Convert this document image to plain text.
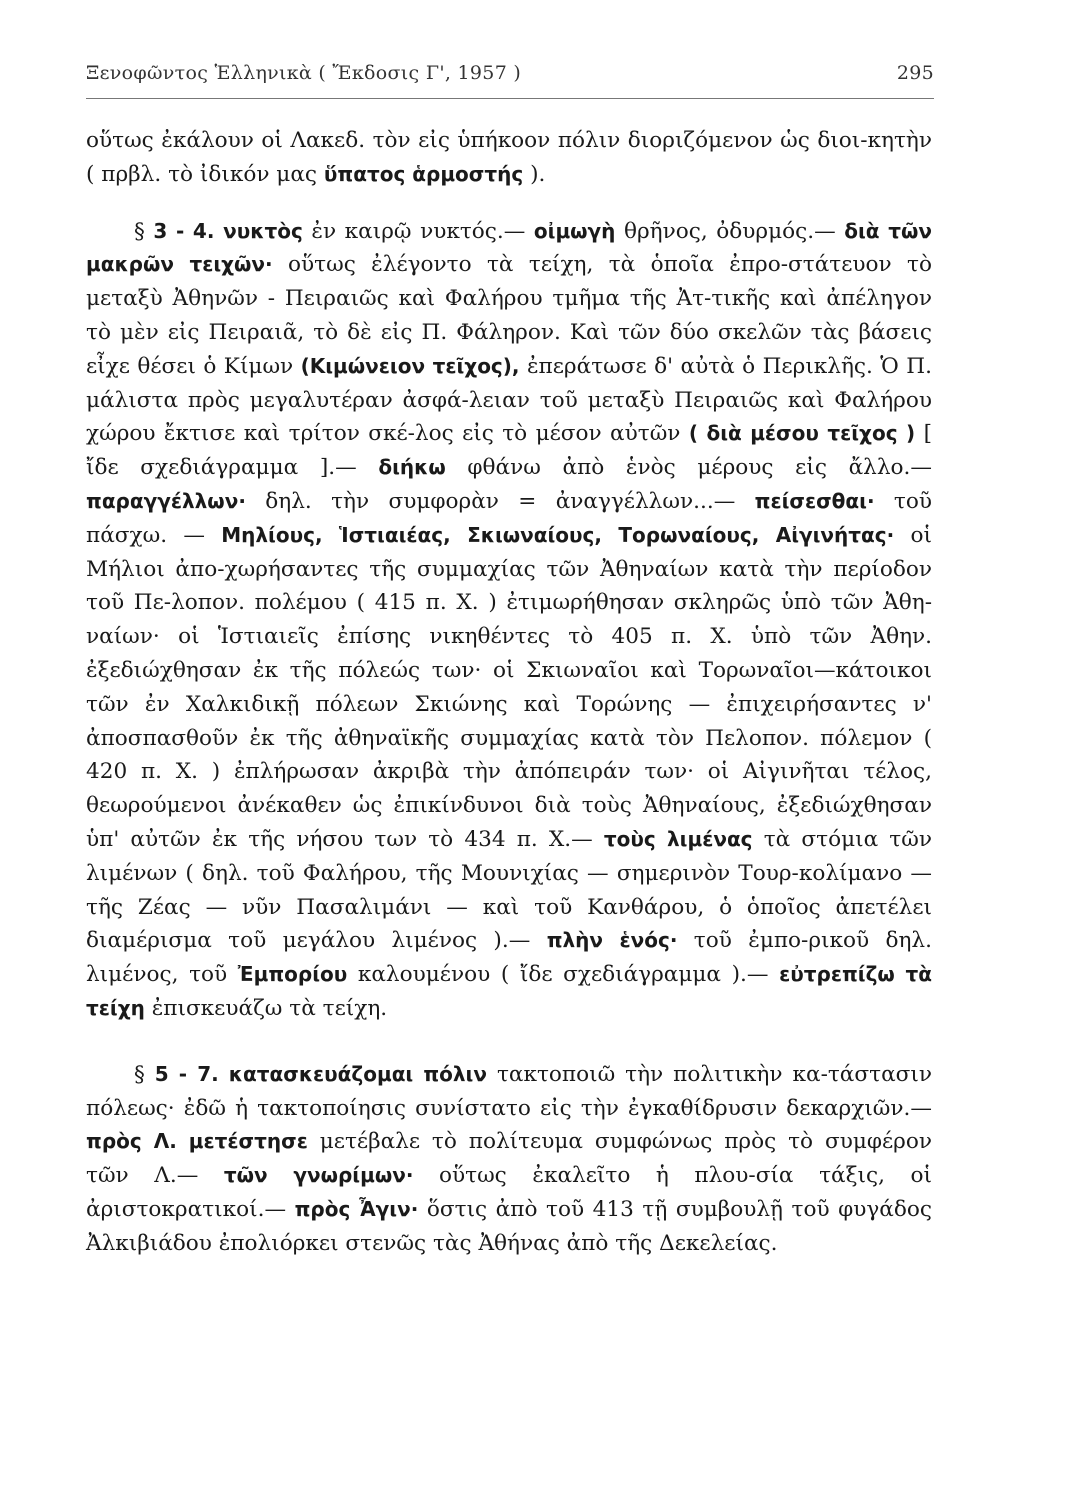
Ξενοφῶντος Ἑλληνικὰ ( Ἔκδοσις Γ', 1957 )	295

οὕτως ἐκάλουν οἱ Λακεδ. τὸν εἰς ὑπήκοον πόλιν διοριζόμενον ὡς διοι-κητὴν ( πρβλ. τὸ ἰδικόν μας ὕπατος ἁρμοστής ).

§ 3 - 4. νυκτὸς ἐν καιρῷ νυκτός.— οἰμωγὴ θρῆνος, ὀδυρμός.— διὰ τῶν μακρῶν τειχῶν· οὕτως ἐλέγοντο τὰ τείχη, τὰ ὁποῖα ἐπρο-στάτευον τὸ μεταξὺ Ἀθηνῶν - Πειραιῶς καὶ Φαλήρου τμῆμα τῆς Ἀτ-τικῆς καὶ ἀπέληγον τὸ μὲν εἰς Πειραιᾶ, τὸ δὲ εἰς Π. Φάληρον. Καὶ τῶν δύο σκελῶν τὰς βάσεις εἶχε θέσει ὁ Κίμων (Κιμώνειον τεῖχος), ἐπεράτωσε δ' αὐτὰ ὁ Περικλῆς. Ὁ Π. μάλιστα πρὸς μεγαλυτέραν ἀσφά-λειαν τοῦ μεταξὺ Πειραιῶς καὶ Φαλήρου χώρου ἔκτισε καὶ τρίτον σκέ-λος εἰς τὸ μέσον αὐτῶν ( διὰ μέσου τεῖχος ) [ ἴδε σχεδιάγραμμα ].— διήκω φθάνω ἀπὸ ἑνὸς μέρους εἰς ἄλλο.— παραγγέλλων· δηλ. τὴν συμφορὰν = ἀναγγέλλων...— πείσεσθαι· τοῦ πάσχω. — Μηλίους, Ἱστιαιέας, Σκιωναίους, Τορωναίους, Αἰγινήτας· οἱ Μήλιοι ἀπο-χωρήσαντες τῆς συμμαχίας τῶν Ἀθηναίων κατὰ τὴν περίοδον τοῦ Πε-λοπον. πολέμου ( 415 π. Χ. ) ἐτιμωρήθησαν σκληρῶς ὑπὸ τῶν Ἀθη-ναίων· οἱ Ἱστιαιεῖς ἐπίσης νικηθέντες τὸ 405 π. Χ. ὑπὸ τῶν Ἀθην. ἐξεδιώχθησαν ἐκ τῆς πόλεώς των· οἱ Σκιωναῖοι καὶ Τορωναῖοι—κάτοικοι τῶν ἐν Χαλκιδικῇ πόλεων Σκιώνης καὶ Τορώνης — ἐπιχειρήσαντες ν' ἀποσπασθοῦν ἐκ τῆς ἀθηναϊκῆς συμμαχίας κατὰ τὸν Πελοπον. πόλεμον ( 420 π. Χ. ) ἐπλήρωσαν ἀκριβὰ τὴν ἀπόπειράν των· οἱ Αἰγινῆται τέλος, θεωρούμενοι ἀνέκαθεν ὡς ἐπικίνδυνοι διὰ τοὺς Ἀθηναίους, ἐξεδιώχθησαν ὑπ' αὐτῶν ἐκ τῆς νήσου των τὸ 434 π. Χ.— τοὺς λιμένας τὰ στόμια τῶν λιμένων ( δηλ. τοῦ Φαλήρου, τῆς Μουνιχίας — σημερινὸν Τουρ-κολίμανο — τῆς Ζέας — νῦν Πασαλιμάνι — καὶ τοῦ Κανθάρου, ὁ ὁποῖος ἀπετέλει διαμέρισμα τοῦ μεγάλου λιμένος ).— πλὴν ἑνός· τοῦ ἐμπο-ρικοῦ δηλ. λιμένος, τοῦ Ἐμπορίου καλουμένου ( ἴδε σχεδιάγραμμα ).— εὐτρεπίζω τὰ τείχη ἐπισκευάζω τὰ τείχη.

§ 5 - 7. κατασκευάζομαι πόλιν τακτοποιῶ τὴν πολιτικὴν κα-τάστασιν πόλεως· ἐδῶ ἡ τακτοποίησις συνίστατο εἰς τὴν ἐγκαθίδρυσιν δεκαρχιῶν.— πρὸς Λ. μετέστησε μετέβαλε τὸ πολίτευμα συμφώνως πρὸς τὸ συμφέρον τῶν Λ.— τῶν γνωρίμων· οὕτως ἐκαλεῖτο ἡ πλου-σία τάξις, οἱ ἀριστοκρατικοί.— πρὸς Ἆγιν· ὅστις ἀπὸ τοῦ 413 τῇ συμβουλῇ τοῦ φυγάδος Ἀλκιβιάδου ἐπολιόρκει στενῶς τὰς Ἀθήνας ἀπὸ τῆς Δεκελείας.
